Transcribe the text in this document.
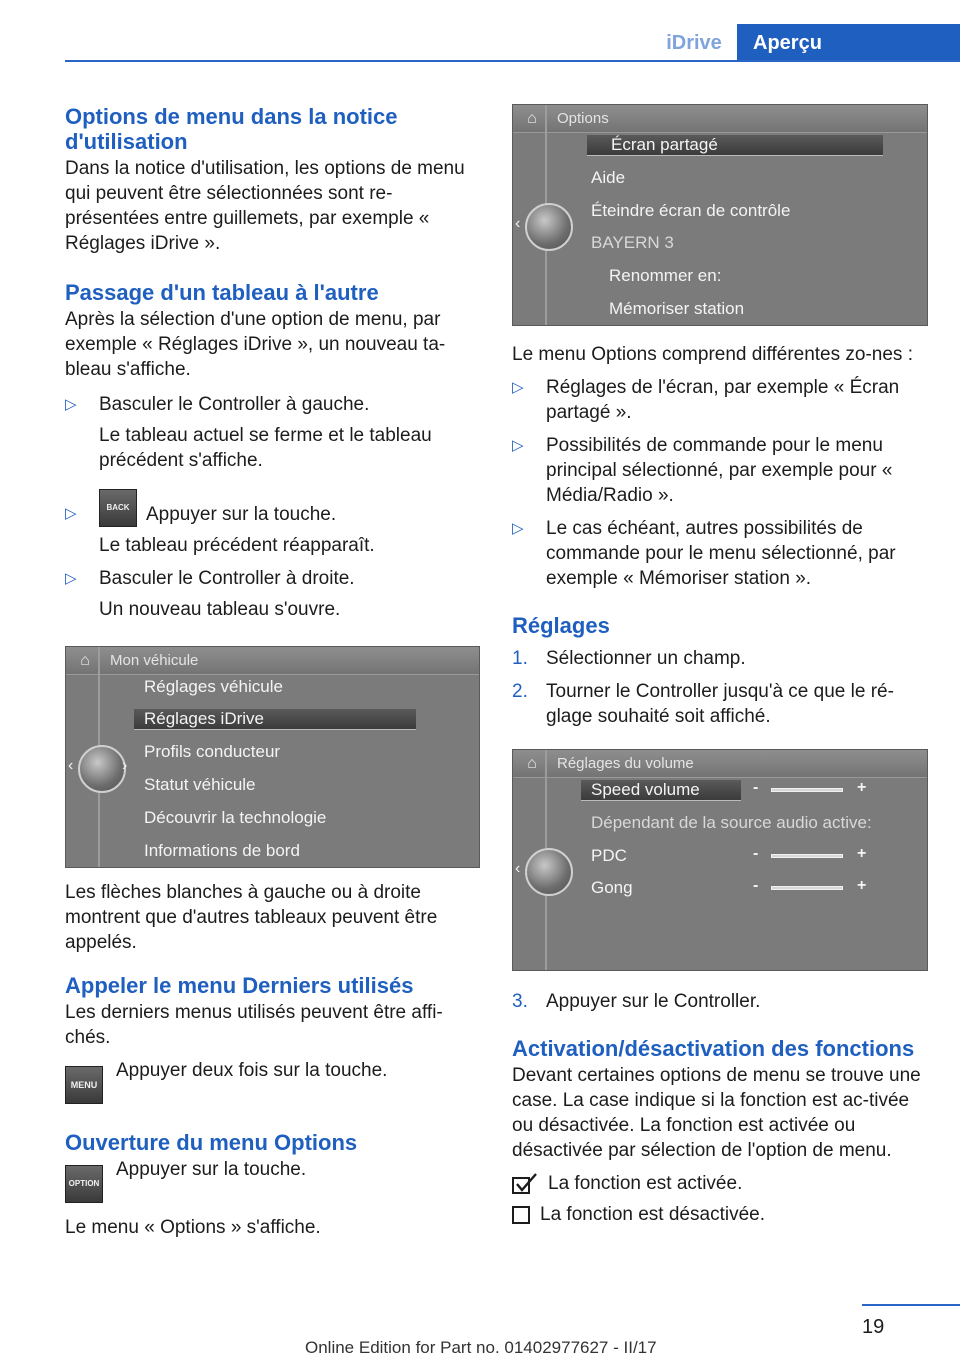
iDrive	Aperçu
Options de menu dans la notice d'utilisation

Dans la notice d'utilisation, les options de menu qui peuvent être sélectionnées sont re‐présentées entre guillemets, par exemple « Réglages iDrive ».

Passage d'un tableau à l'autre

Après la sélection d'une option de menu, par exemple « Réglages iDrive », un nouveau ta‐bleau s'affiche.

▷ Basculer le Controller à gauche.
Le tableau actuel se ferme et le tableau précédent s'affiche.
▷	BACK Appuyer sur la touche.
Le tableau précédent réapparaît.
▷ Basculer le Controller à droite.
Un nouveau tableau s'ouvre.
⌂	Mon véhicule
‹	›
Réglages véhicule
Réglages iDrive
Profils conducteur
Statut véhicule
Découvrir la technologie
Informations de bord

Les flèches blanches à gauche ou à droite montrent que d'autres tableaux peuvent être appelés.

Appeler le menu Derniers utilisés

Les derniers menus utilisés peuvent être affi‐chés.

MENU
Appuyer deux fois sur la touche.
Ouverture du menu Options
OPTION
Appuyer sur la touche.

Le menu « Options » s'affiche.

⌂	Options
‹
Écran partagé
Aide
Éteindre écran de contrôle
BAYERN 3
Renommer en:
Mémoriser station

Le menu Options comprend différentes zo‐nes :

▷ Réglages de l'écran, par exemple « Écran partagé ».
▷ Possibilités de commande pour le menu principal sélectionné, par exemple pour « Média/Radio ».
▷ Le cas échéant, autres possibilités de commande pour le menu sélectionné, par exemple « Mémoriser station ».
Réglages
1. Sélectionner un champ.
2. Tourner le Controller jusqu'à ce que le ré‐glage souhaité soit affiché.
⌂	Réglages du volume
‹
Speed volume	-	+
Dépendant de la source audio active:
PDC	-	+
Gong	-	+
3. Appuyer sur le Controller.
Activation/désactivation des fonctions

Devant certaines options de menu se trouve une case. La case indique si la fonction est ac‐tivée ou désactivée. La fonction est activée ou désactivée par sélection de l'option de menu.

La fonction est activée.
La fonction est désactivée.
19
Online Edition for Part no. 01402977627 - II/17
